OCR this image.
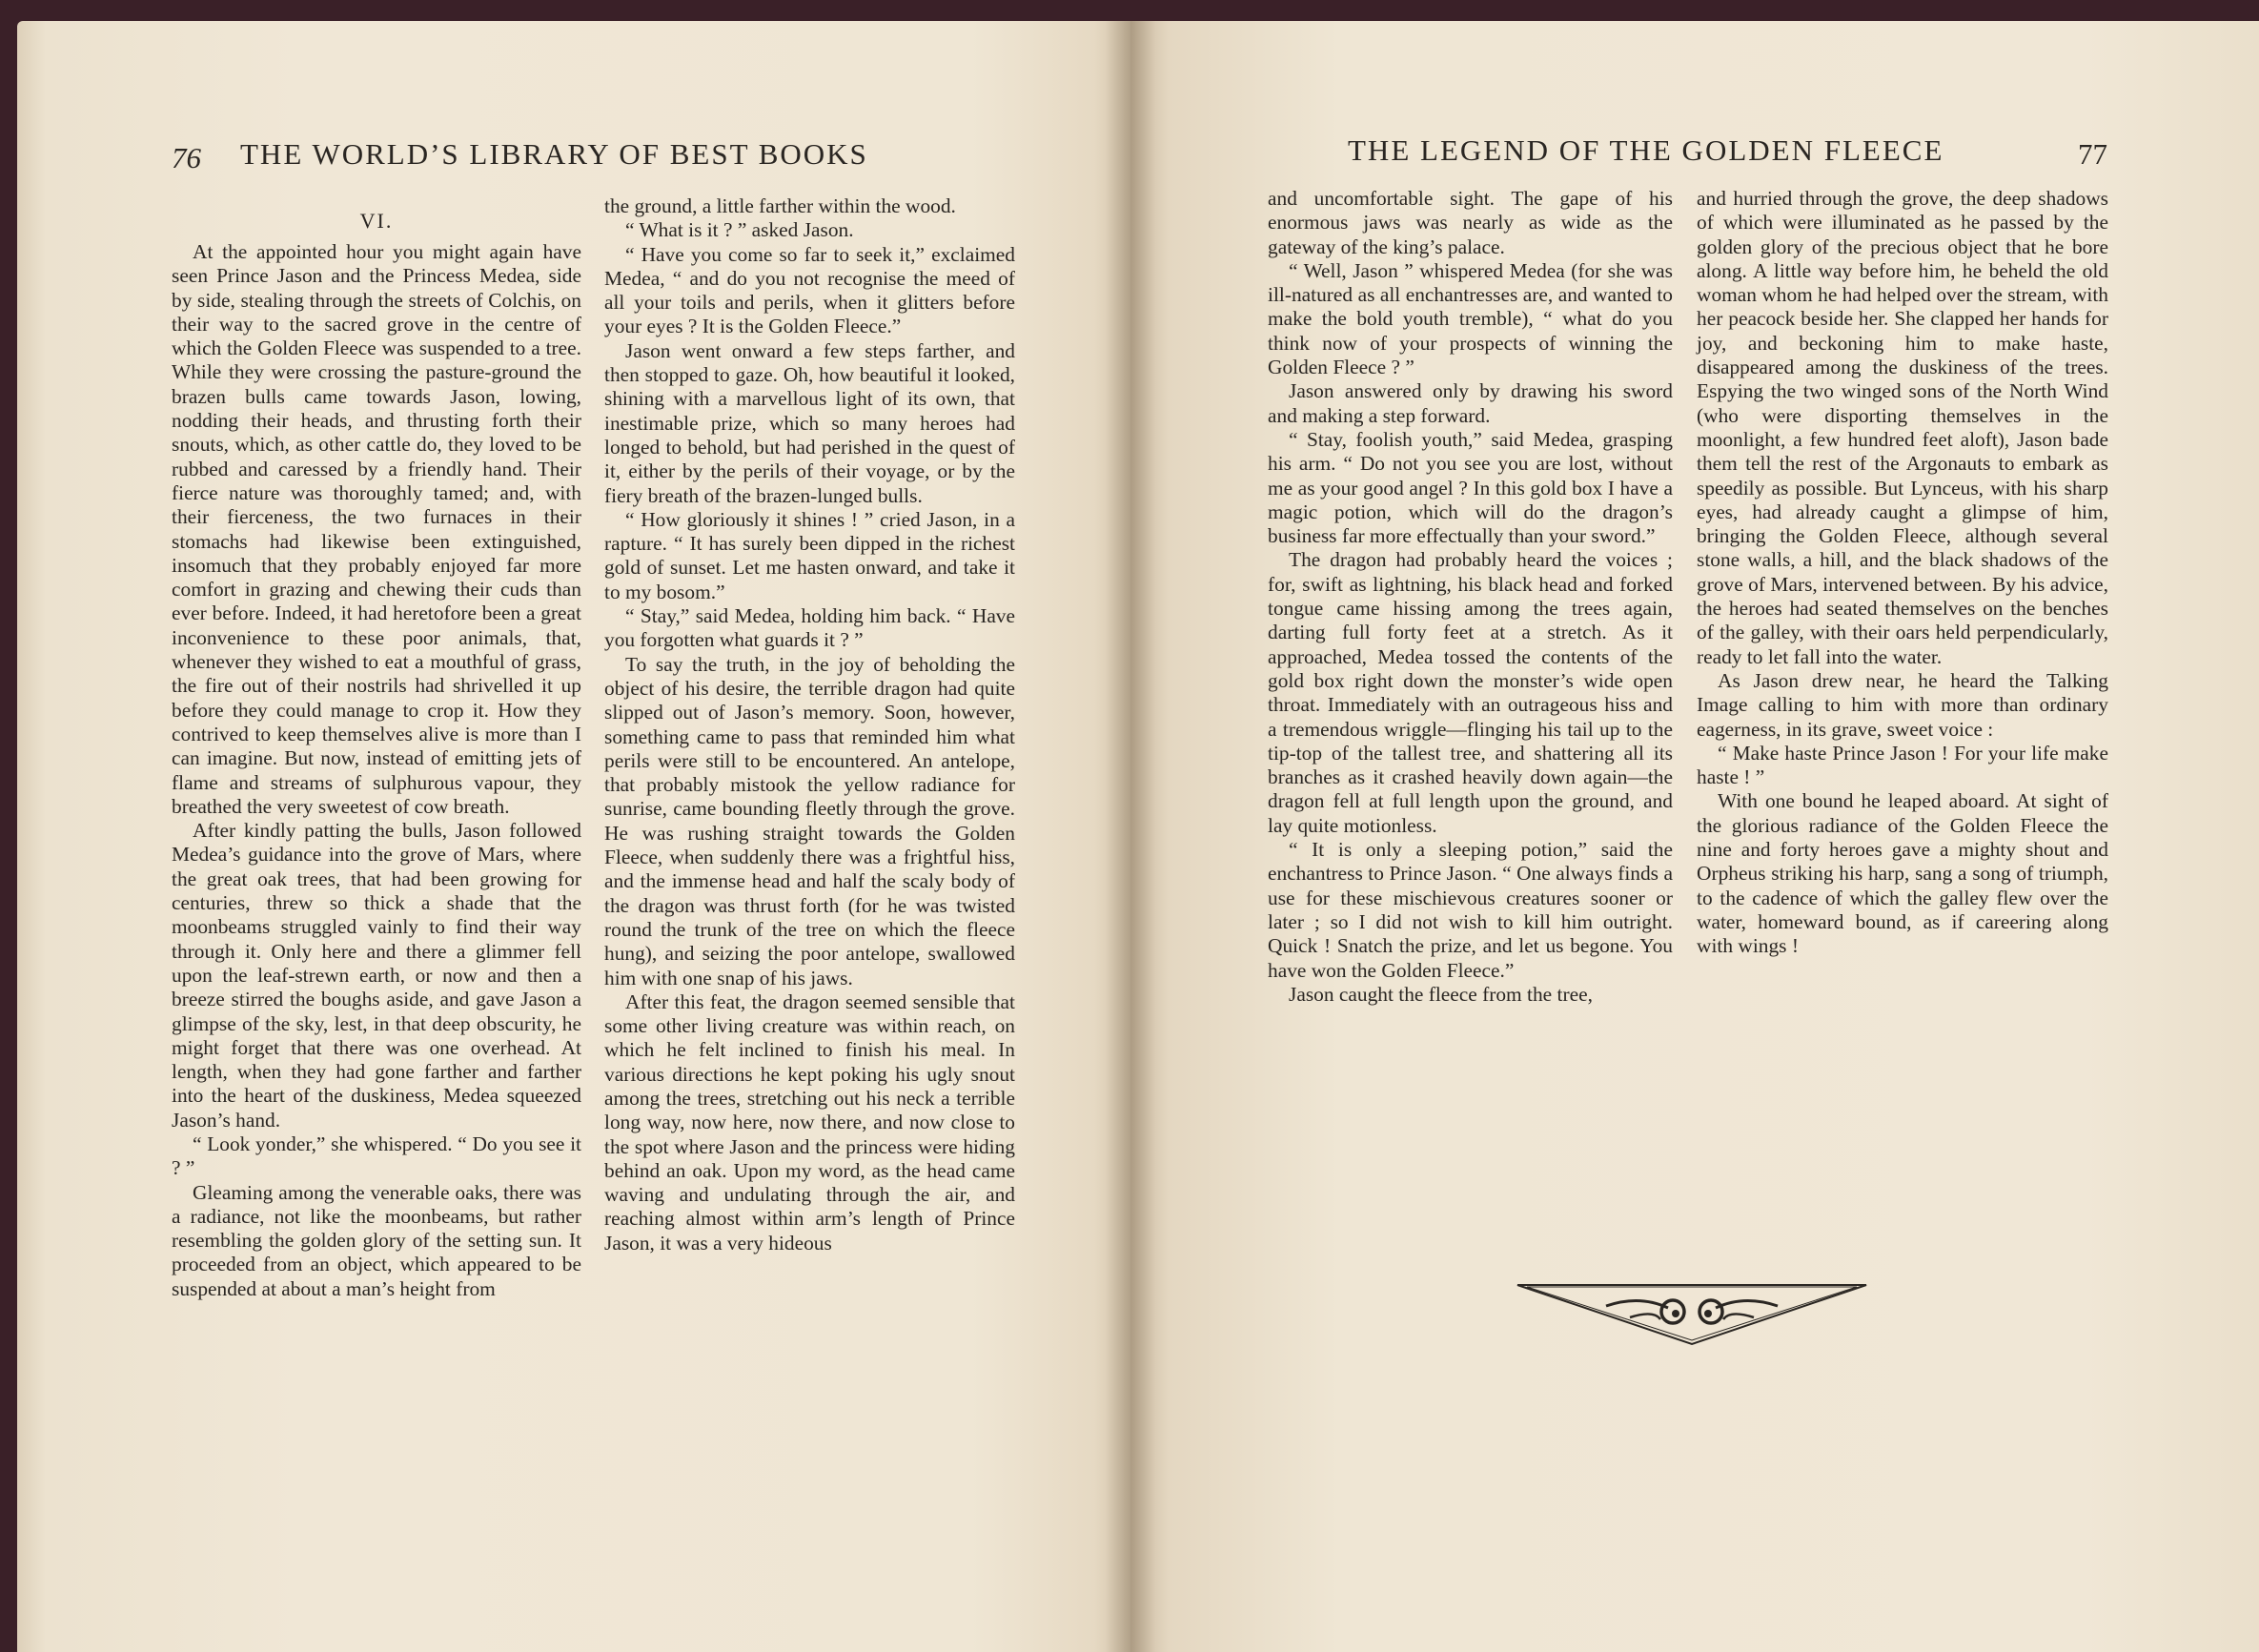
76 THE WORLD’S LIBRARY OF BEST BOOKS
VI.

At the appointed hour you might again have seen Prince Jason and the Princess Medea, side by side, stealing through the streets of Colchis, on their way to the sacred grove in the centre of which the Golden Fleece was suspended to a tree. While they were crossing the pasture-ground the brazen bulls came towards Jason, lowing, nodding their heads, and thrusting forth their snouts, which, as other cattle do, they loved to be rubbed and caressed by a friendly hand. Their fierce nature was thoroughly tamed; and, with their fierceness, the two furnaces in their stomachs had likewise been extinguished, insomuch that they probably enjoyed far more comfort in grazing and chewing their cuds than ever before. Indeed, it had heretofore been a great inconvenience to these poor animals, that, whenever they wished to eat a mouthful of grass, the fire out of their nostrils had shrivelled it up before they could manage to crop it. How they contrived to keep themselves alive is more than I can imagine. But now, instead of emitting jets of flame and streams of sulphurous vapour, they breathed the very sweetest of cow breath.

After kindly patting the bulls, Jason followed Medea’s guidance into the grove of Mars, where the great oak trees, that had been growing for centuries, threw so thick a shade that the moonbeams struggled vainly to find their way through it. Only here and there a glimmer fell upon the leaf-strewn earth, or now and then a breeze stirred the boughs aside, and gave Jason a glimpse of the sky, lest, in that deep obscurity, he might forget that there was one overhead. At length, when they had gone farther and farther into the heart of the duskiness, Medea squeezed Jason’s hand.

“ Look yonder,” she whispered. “ Do you see it ? ”

Gleaming among the venerable oaks, there was a radiance, not like the moonbeams, but rather resembling the golden glory of the setting sun. It proceeded from an object, which appeared to be suspended at about a man’s height from

the ground, a little farther within the wood.

“ What is it ? ” asked Jason.

“ Have you come so far to seek it,” exclaimed Medea, “ and do you not recognise the meed of all your toils and perils, when it glitters before your eyes ? It is the Golden Fleece.”

Jason went onward a few steps farther, and then stopped to gaze. Oh, how beautiful it looked, shining with a marvellous light of its own, that inestimable prize, which so many heroes had longed to behold, but had perished in the quest of it, either by the perils of their voyage, or by the fiery breath of the brazen-lunged bulls.

“ How gloriously it shines ! ” cried Jason, in a rapture. “ It has surely been dipped in the richest gold of sunset. Let me hasten onward, and take it to my bosom.”

“ Stay,” said Medea, holding him back. “ Have you forgotten what guards it ? ”

To say the truth, in the joy of beholding the object of his desire, the terrible dragon had quite slipped out of Jason’s memory. Soon, however, something came to pass that reminded him what perils were still to be encountered. An antelope, that probably mistook the yellow radiance for sunrise, came bounding fleetly through the grove. He was rushing straight towards the Golden Fleece, when suddenly there was a frightful hiss, and the immense head and half the scaly body of the dragon was thrust forth (for he was twisted round the trunk of the tree on which the fleece hung), and seizing the poor antelope, swallowed him with one snap of his jaws.

After this feat, the dragon seemed sensible that some other living creature was within reach, on which he felt inclined to finish his meal. In various directions he kept poking his ugly snout among the trees, stretching out his neck a terrible long way, now here, now there, and now close to the spot where Jason and the princess were hiding behind an oak. Upon my word, as the head came waving and undulating through the air, and reaching almost within arm’s length of Prince Jason, it was a very hideous

THE LEGEND OF THE GOLDEN FLEECE	77

and uncomfortable sight. The gape of his enormous jaws was nearly as wide as the gateway of the king’s palace.

“ Well, Jason ” whispered Medea (for she was ill-natured as all enchantresses are, and wanted to make the bold youth tremble), “ what do you think now of your prospects of winning the Golden Fleece ? ”

Jason answered only by drawing his sword and making a step forward.

“ Stay, foolish youth,” said Medea, grasping his arm. “ Do not you see you are lost, without me as your good angel ? In this gold box I have a magic potion, which will do the dragon’s business far more effectually than your sword.”

The dragon had probably heard the voices ; for, swift as lightning, his black head and forked tongue came hissing among the trees again, darting full forty feet at a stretch. As it approached, Medea tossed the contents of the gold box right down the monster’s wide open throat. Immediately with an outrageous hiss and a tremendous wriggle—flinging his tail up to the tip-top of the tallest tree, and shattering all its branches as it crashed heavily down again—the dragon fell at full length upon the ground, and lay quite motionless.

“ It is only a sleeping potion,” said the enchantress to Prince Jason. “ One always finds a use for these mischievous creatures sooner or later ; so I did not wish to kill him outright. Quick ! Snatch the prize, and let us begone. You have won the Golden Fleece.”

Jason caught the fleece from the tree,

and hurried through the grove, the deep shadows of which were illuminated as he passed by the golden glory of the precious object that he bore along. A little way before him, he beheld the old woman whom he had helped over the stream, with her peacock beside her. She clapped her hands for joy, and beckoning him to make haste, disappeared among the duskiness of the trees. Espying the two winged sons of the North Wind (who were disporting themselves in the moonlight, a few hundred feet aloft), Jason bade them tell the rest of the Argonauts to embark as speedily as possible. But Lynceus, with his sharp eyes, had already caught a glimpse of him, bringing the Golden Fleece, although several stone walls, a hill, and the black shadows of the grove of Mars, intervened between. By his advice, the heroes had seated themselves on the benches of the galley, with their oars held perpendicularly, ready to let fall into the water.

As Jason drew near, he heard the Talking Image calling to him with more than ordinary eagerness, in its grave, sweet voice :

“ Make haste Prince Jason ! For your life make haste ! ”

With one bound he leaped aboard. At sight of the glorious radiance of the Golden Fleece the nine and forty heroes gave a mighty shout and Orpheus striking his harp, sang a song of triumph, to the cadence of which the galley flew over the water, homeward bound, as if careering along with wings !
